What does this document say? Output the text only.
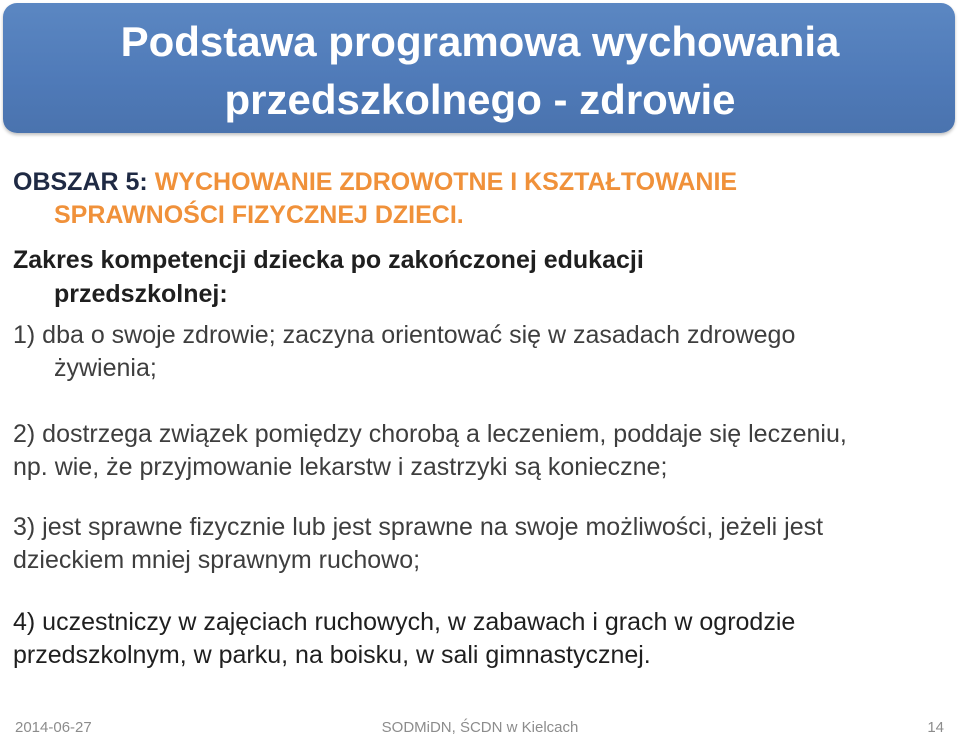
Podstawa programowa wychowania
przedszkolnego - zdrowie
OBSZAR 5: WYCHOWANIE ZDROWOTNE I KSZTAŁTOWANIE
SPRAWNOŚCI FIZYCZNEJ DZIECI.
Zakres kompetencji dziecka po zakończonej edukacji
przedszkolnej:
1) dba o swoje zdrowie; zaczyna orientować się w zasadach zdrowego
żywienia;
2) dostrzega związek pomiędzy chorobą a leczeniem, poddaje się leczeniu,
np. wie, że przyjmowanie lekarstw i zastrzyki są konieczne;
3) jest sprawne fizycznie lub jest sprawne na swoje możliwości, jeżeli jest
dzieckiem mniej sprawnym ruchowo;
4) uczestniczy w zajęciach ruchowych, w zabawach i grach w ogrodzie
przedszkolnym, w parku, na boisku, w sali gimnastycznej.
2014-06-27	SODMiDN, ŚCDN w Kielcach	14
